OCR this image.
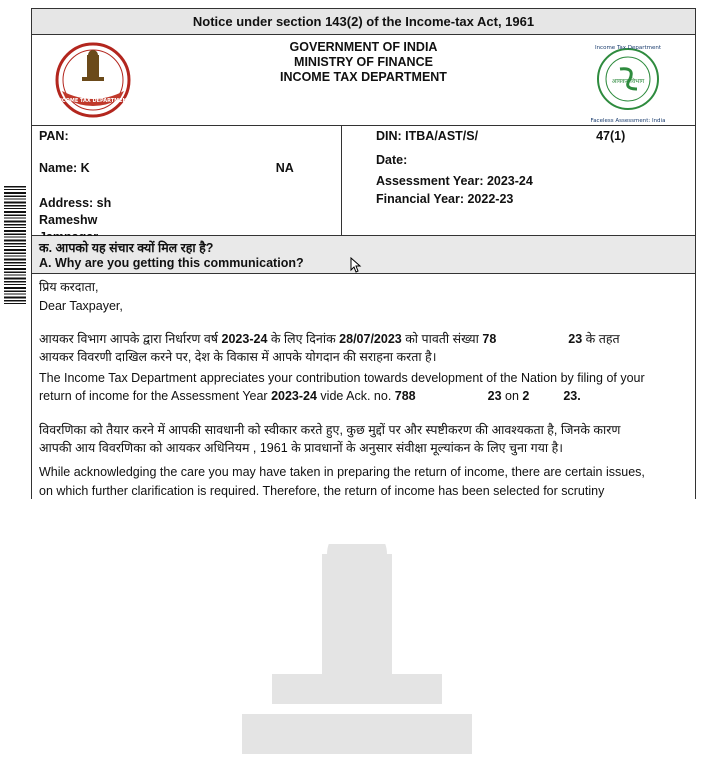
Notice under section 143(2) of the Income-tax Act, 1961
INCOME TAX DEPARTMENT
GOVERNMENT OF INDIA
MINISTRY OF FINANCE
INCOME TAX DEPARTMENT
Income Tax Department
आयकर विभाग
Faceless Assessment: India
PAN:
Name: K	NA
Address: sh
Rameshw
DIN: ITBA/AST/S/	47(1)
Date:
Assessment Year: 2023-24
Financial Year: 2022-23
क. आपको यह संचार क्यों मिल रहा है?
A. Why are you getting this communication?

प्रिय करदाता,

Dear Taxpayer,

आयकर विभाग आपके द्वारा निर्धारण वर्ष 2023-24 के लिए दिनांक 28/07/2023 को पावती संख्या 78	23 के तहत

आयकर विवरणी दाखिल करने पर, देश के विकास में आपके योगदान की सराहना करता है।

The Income Tax Department appreciates your contribution towards development of the Nation by filing of your

return of income for the Assessment Year 2023-24 vide Ack. no. 788	23 on 2	23.

विवरणिका को तैयार करने में आपकी सावधानी को स्वीकार करते हुए, कुछ मुद्दों पर और स्पष्टीकरण की आवश्यकता है, जिनके कारण

आपकी आय विवरणिका को आयकर अधिनियम , 1961 के प्रावधानों के अनुसार संवीक्षा मूल्यांकन के लिए चुना गया है।

While acknowledging the care you may have taken in preparing the return of income, there are certain issues,

on which further clarification is required. Therefore, the return of income has been selected for scrutiny
